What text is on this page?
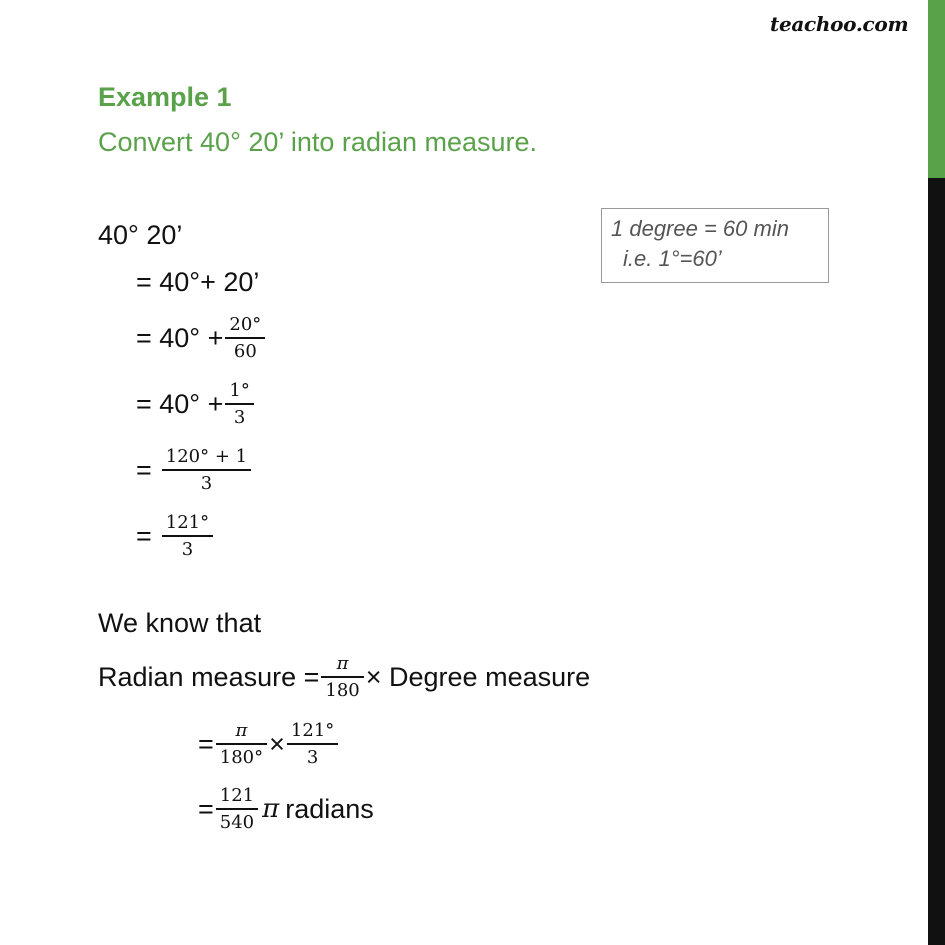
teachoo.com
Example 1
Convert 40° 20’ into radian measure.
1 degree = 60 min
i.e. 1°=60’
40° 20’
= 40°+ 20’
= $40^\circ + \frac{20^\circ}{60}$
= $40^\circ + \frac{1^\circ}{3}$
= $\frac{120^\circ + 1}{3}$
= $\frac{121^\circ}{3}$
We know that
Radian measure = $\frac{\pi}{180}$ × Degree measure
= $\frac{\pi}{180^\circ} \times \frac{121^\circ}{3}$
= $\frac{121}{540}$ π radians
